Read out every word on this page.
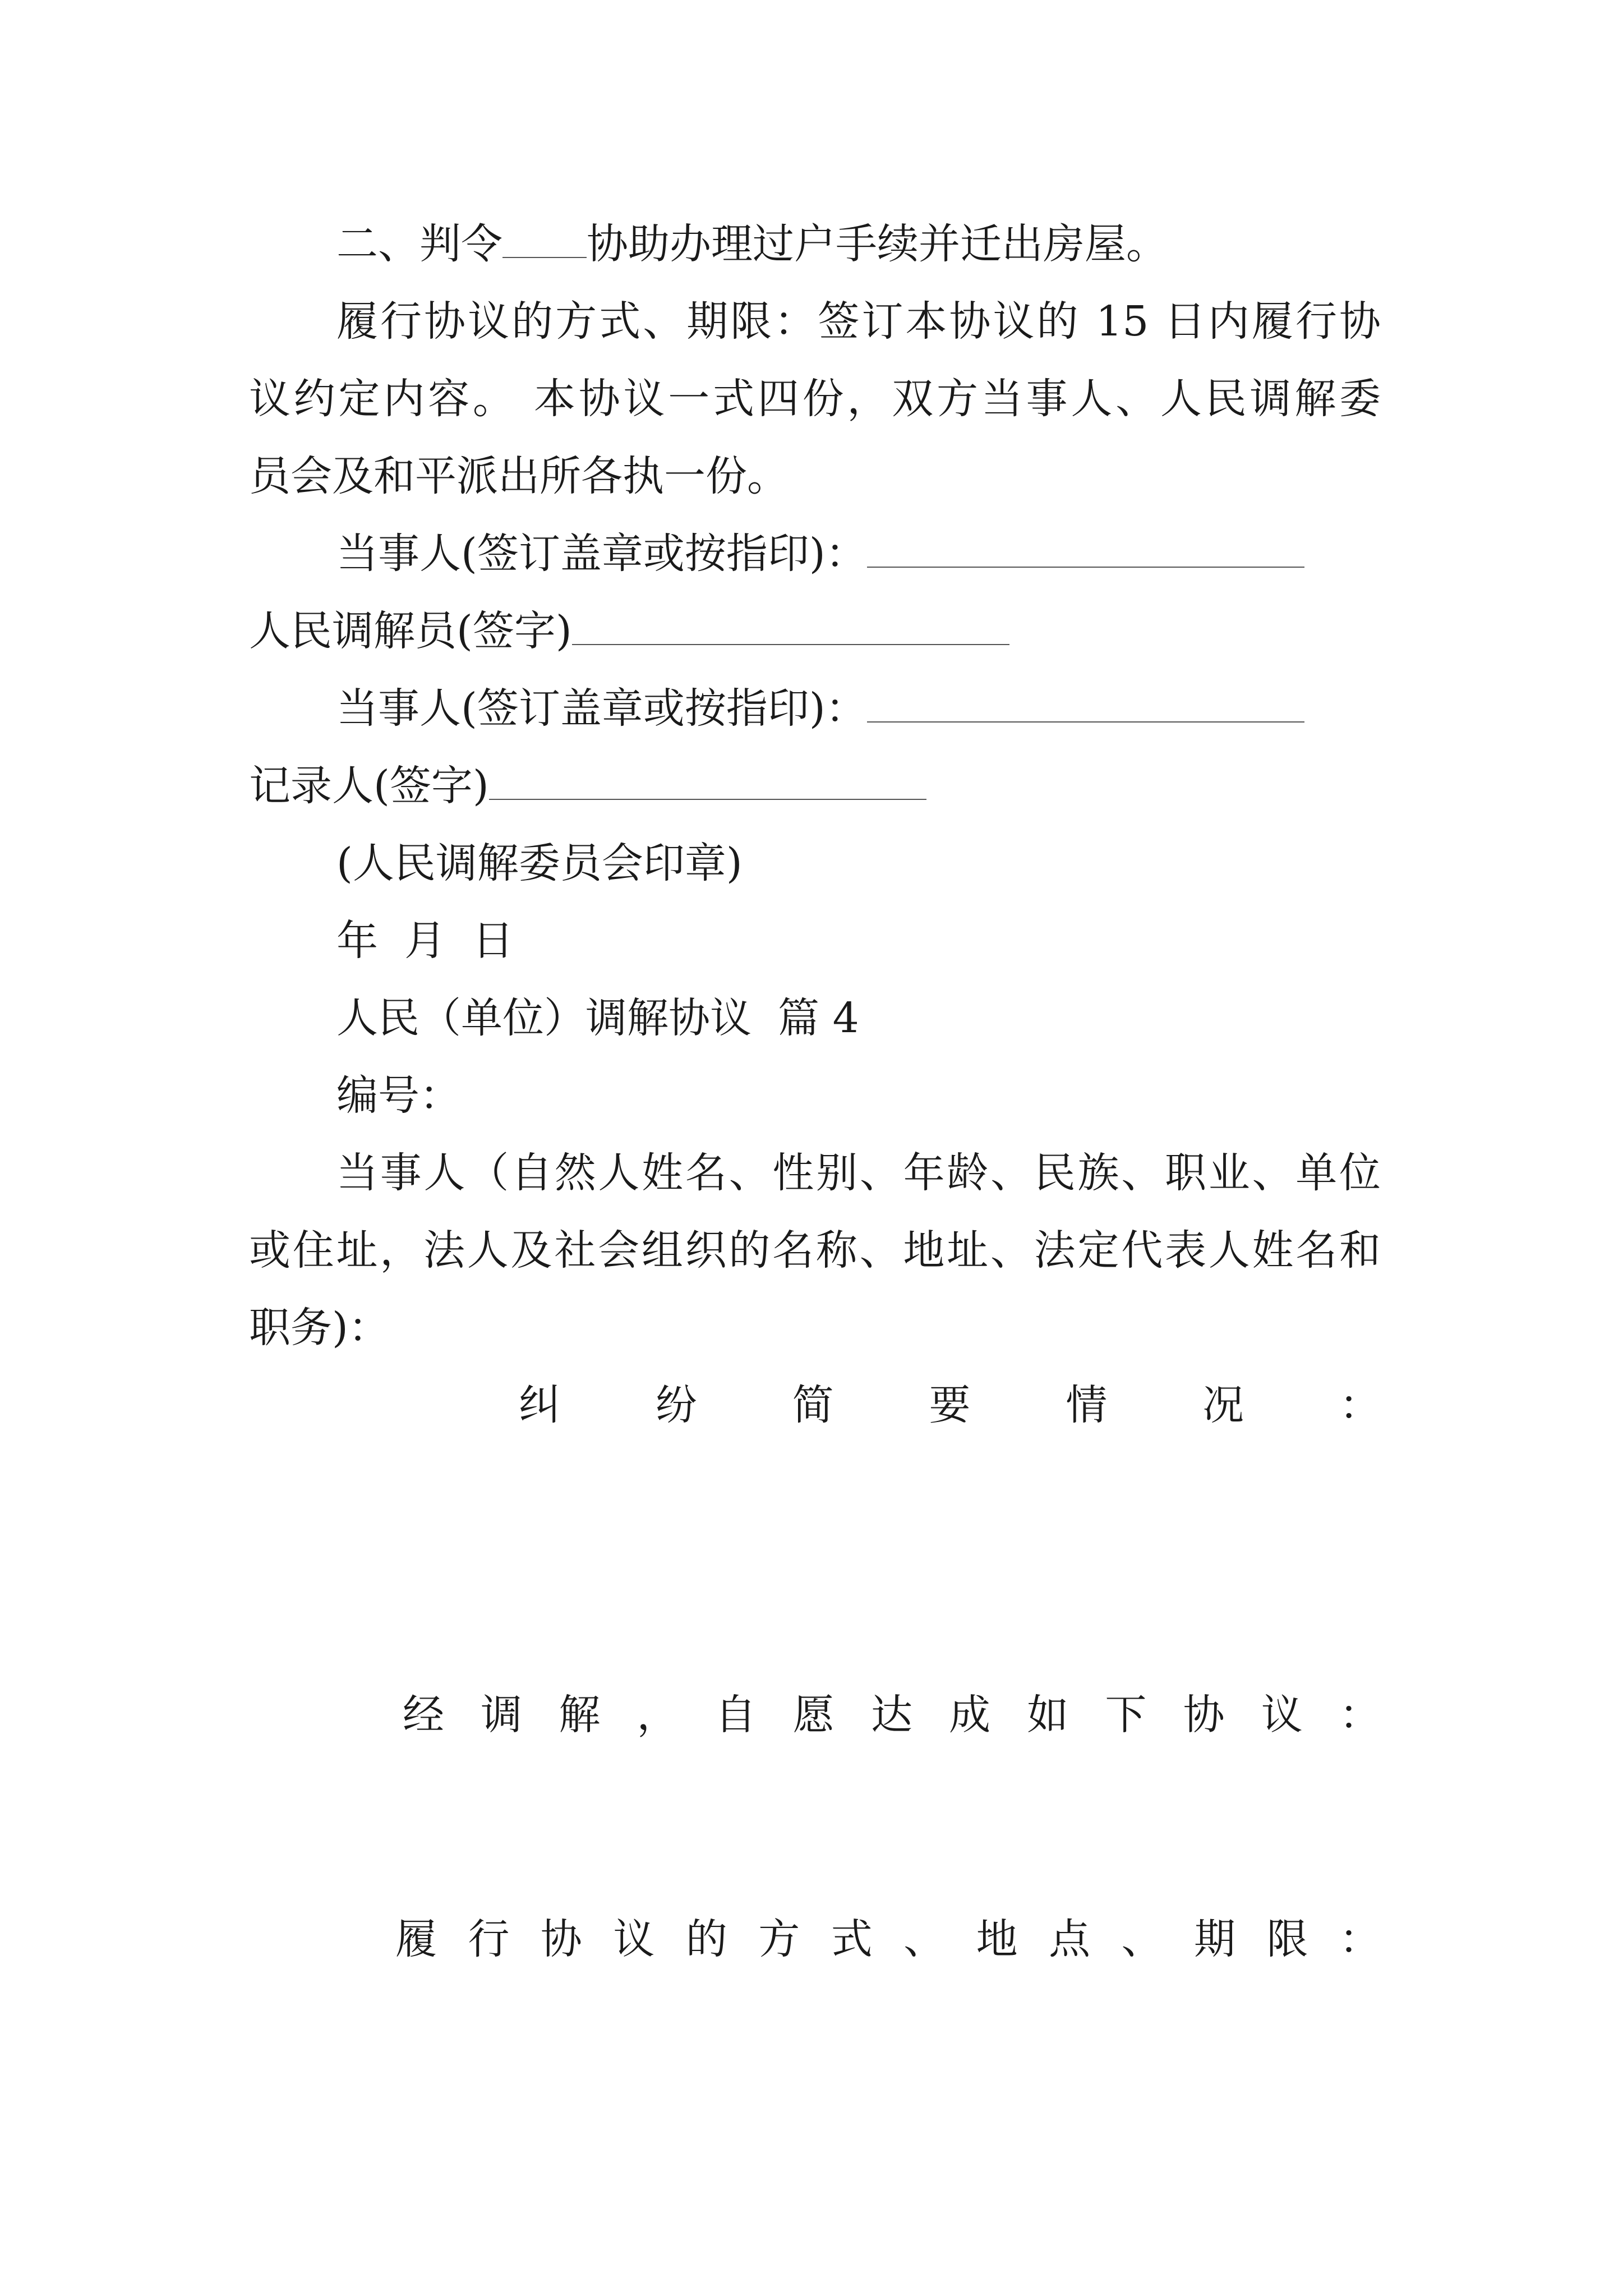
二、判令 协助办理过户手续并迁出房屋。
履行协议的方式、期限：签订本协议的 15 日内履行协
议约定内容。 本协议一式四份，双方当事人、人民调解委
员会及和平派出所各执一份。
当事人(签订盖章或按指印)：
人民调解员(签字)
当事人(签订盖章或按指印)：
记录人(签字)
(人民调解委员会印章)
年  月  日
人民（单位）调解协议  篇 4
编号：
当事人（自然人姓名、性别、年龄、民族、职业、单位
或住址，法人及社会组织的名称、地址、法定代表人姓名和
职务)：
纠 纷 简 要 情 况 ：
经 调 解 ， 自 愿 达 成 如 下 协 议 ：
履 行 协 议 的 方 式 、 地 点 、 期 限 ：
